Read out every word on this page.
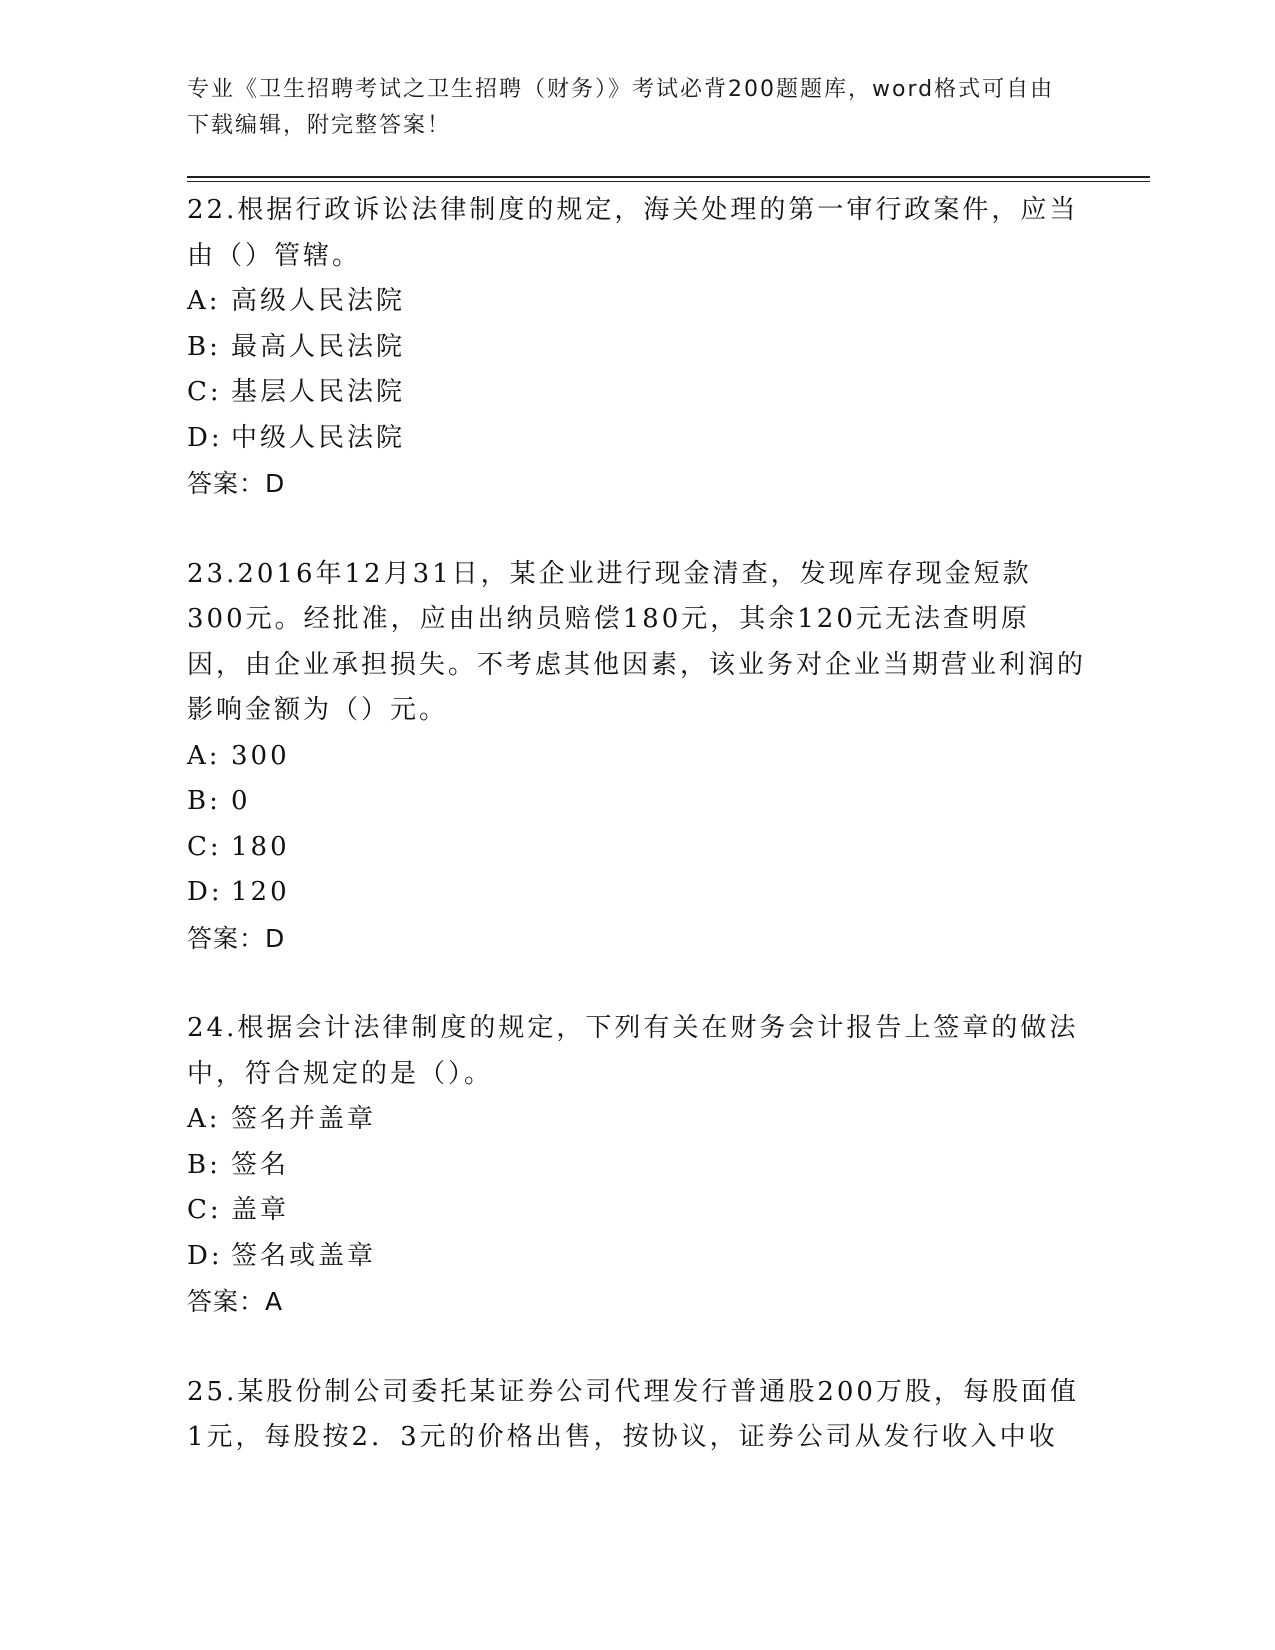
专业《卫生招聘考试之卫生招聘（财务）》考试必背200题题库，word格式可自由下载编辑，附完整答案！

22.根据行政诉讼法律制度的规定，海关处理的第一审行政案件，应当由（）管辖。

A: 高级人民法院

B: 最高人民法院

C: 基层人民法院

D: 中级人民法院

答案：D

23.2016年12月31日，某企业进行现金清查，发现库存现金短款300元。经批准，应由出纳员赔偿180元，其余120元无法查明原因，由企业承担损失。不考虑其他因素，该业务对企业当期营业利润的影响金额为（）元。

A: 300

B: 0

C: 180

D: 120

答案：D

24.根据会计法律制度的规定，下列有关在财务会计报告上签章的做法中，符合规定的是（）。

A: 签名并盖章

B: 签名

C: 盖章

D: 签名或盖章

答案：A

25.某股份制公司委托某证券公司代理发行普通股200万股，每股面值1元，每股按2．3元的价格出售，按协议，证券公司从发行收入中收
